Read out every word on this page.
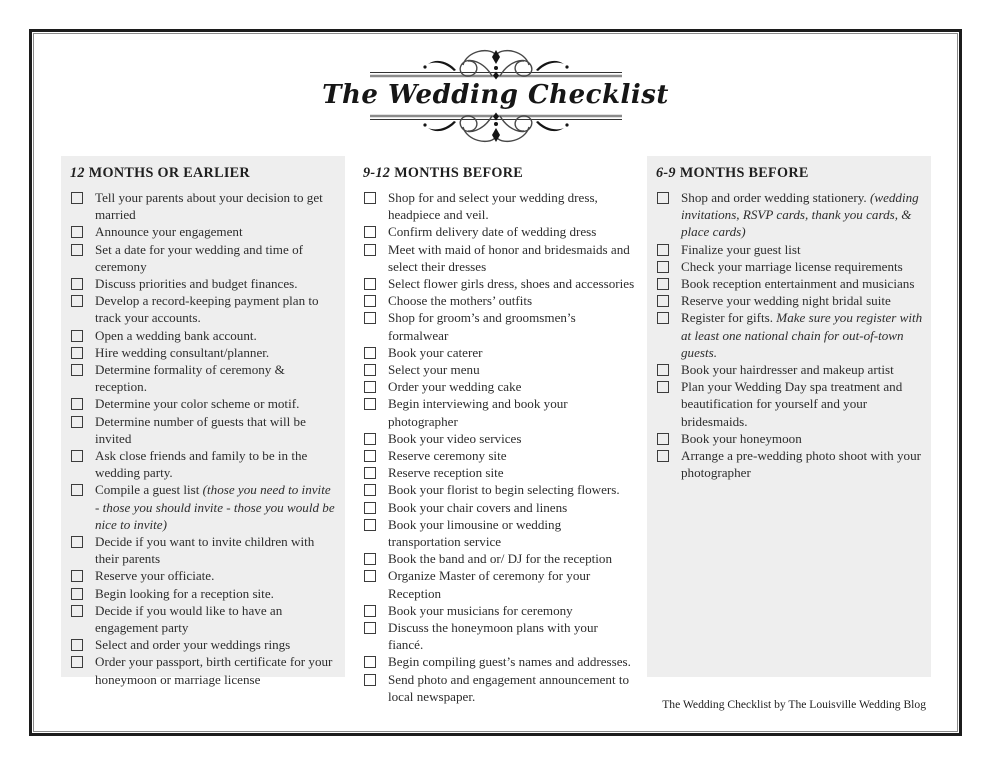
The Wedding Checklist
12 MONTHS OR EARLIER
Tell your parents about your decision to get married
Announce your engagement
Set a date for your wedding and time of ceremony
Discuss priorities and budget finances.
Develop a record-keeping payment plan to track your accounts.
Open a wedding bank account.
Hire wedding consultant/planner.
Determine formality of ceremony & reception.
Determine your color scheme or motif.
Determine number of guests that will be invited
Ask close friends and family to be in the wedding party.
Compile a guest list (those you need to invite - those you should invite - those you would be nice to invite)
Decide if you want to invite children with their parents
Reserve your officiate.
Begin looking for a reception site.
Decide if you would like to have an engagement party
Select and order your weddings rings
Order your passport, birth certificate for your honeymoon or marriage license
9-12 MONTHS BEFORE
Shop for and select your wedding dress, headpiece and veil.
Confirm delivery date of wedding dress
Meet with maid of honor and bridesmaids and select their dresses
Select flower girls dress, shoes and accessories
Choose the mothers’ outfits
Shop for groom’s and groomsmen’s formalwear
Book your caterer
Select your menu
Order your wedding cake
Begin interviewing and book your photographer
Book your video services
Reserve ceremony site
Reserve reception site
Book your florist to begin selecting flowers.
Book your chair covers and linens
Book your limousine or wedding transportation service
Book the band and or/ DJ for the reception
Organize Master of ceremony for your Reception
Book your musicians for ceremony
Discuss the honeymoon plans with your fiancé.
Begin compiling guest’s names and addresses.
Send photo and engagement announcement to local newspaper.
6-9 MONTHS BEFORE
Shop and order wedding stationery. (wedding invitations, RSVP cards, thank you cards, & place cards)
Finalize your guest list
Check your marriage license requirements
Book reception entertainment and musicians
Reserve your wedding night bridal suite
Register for gifts. Make sure you register with at least one national chain for out-of-town guests.
Book your hairdresser and makeup artist
Plan your Wedding Day spa treatment and beautification for yourself and your bridesmaids.
Book your honeymoon
Arrange a pre-wedding photo shoot with your photographer
The Wedding Checklist by The Louisville Wedding Blog
